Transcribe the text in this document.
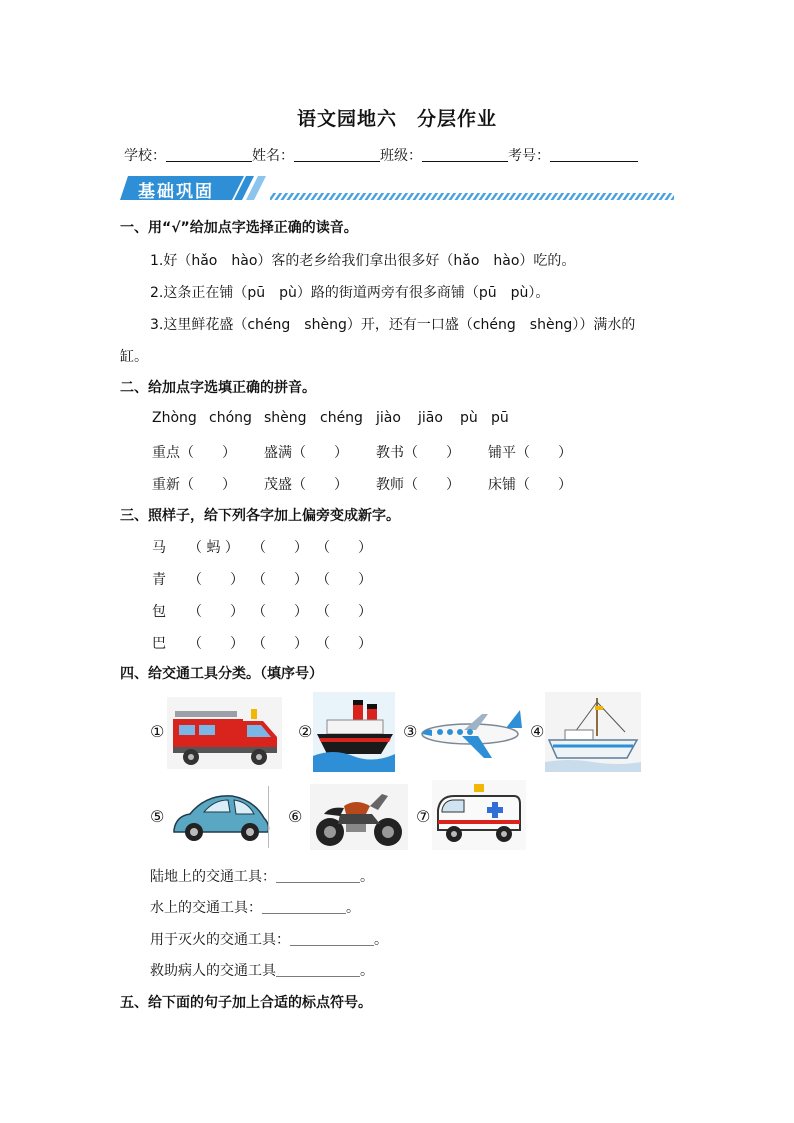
语文园地六　分层作业
学校：	姓名：	班级：	考号：
基础巩固
一、用“√”给加点字选择正确的读音。
1.好（hǎo　hào）客的老乡给我们拿出很多好（hǎo　hào）吃的。
2.这条正在铺（pū　pù）路的街道两旁有很多商铺（pū　pù）。
3.这里鲜花盛（chéng　shèng）开，还有一口盛（chéng　shèng））满水的
缸。
二、给加点字选填正确的拼音。
Zhòng chóng shèng chéng jiào jiāo pù pū
重点（　　） 盛满（　　） 教书（　　） 铺平（　　）
重新（　　） 茂盛（　　） 教师（　　） 床铺（　　）
三、照样子，给下列各字加上偏旁变成新字。
马 （ 蚂 ） （　　） （　　）
青 （　　） （　　） （　　）
包 （　　） （　　） （　　）
巴 （　　） （　　） （　　）
四、给交通工具分类。（填序号）
①	②	③	④
⑤	⑥	⑦
陆地上的交通工具：＿＿＿＿＿＿。
水上的交通工具：＿＿＿＿＿＿。
用于灭火的交通工具：＿＿＿＿＿＿。
救助病人的交通工具＿＿＿＿＿＿。
五、给下面的句子加上合适的标点符号。
